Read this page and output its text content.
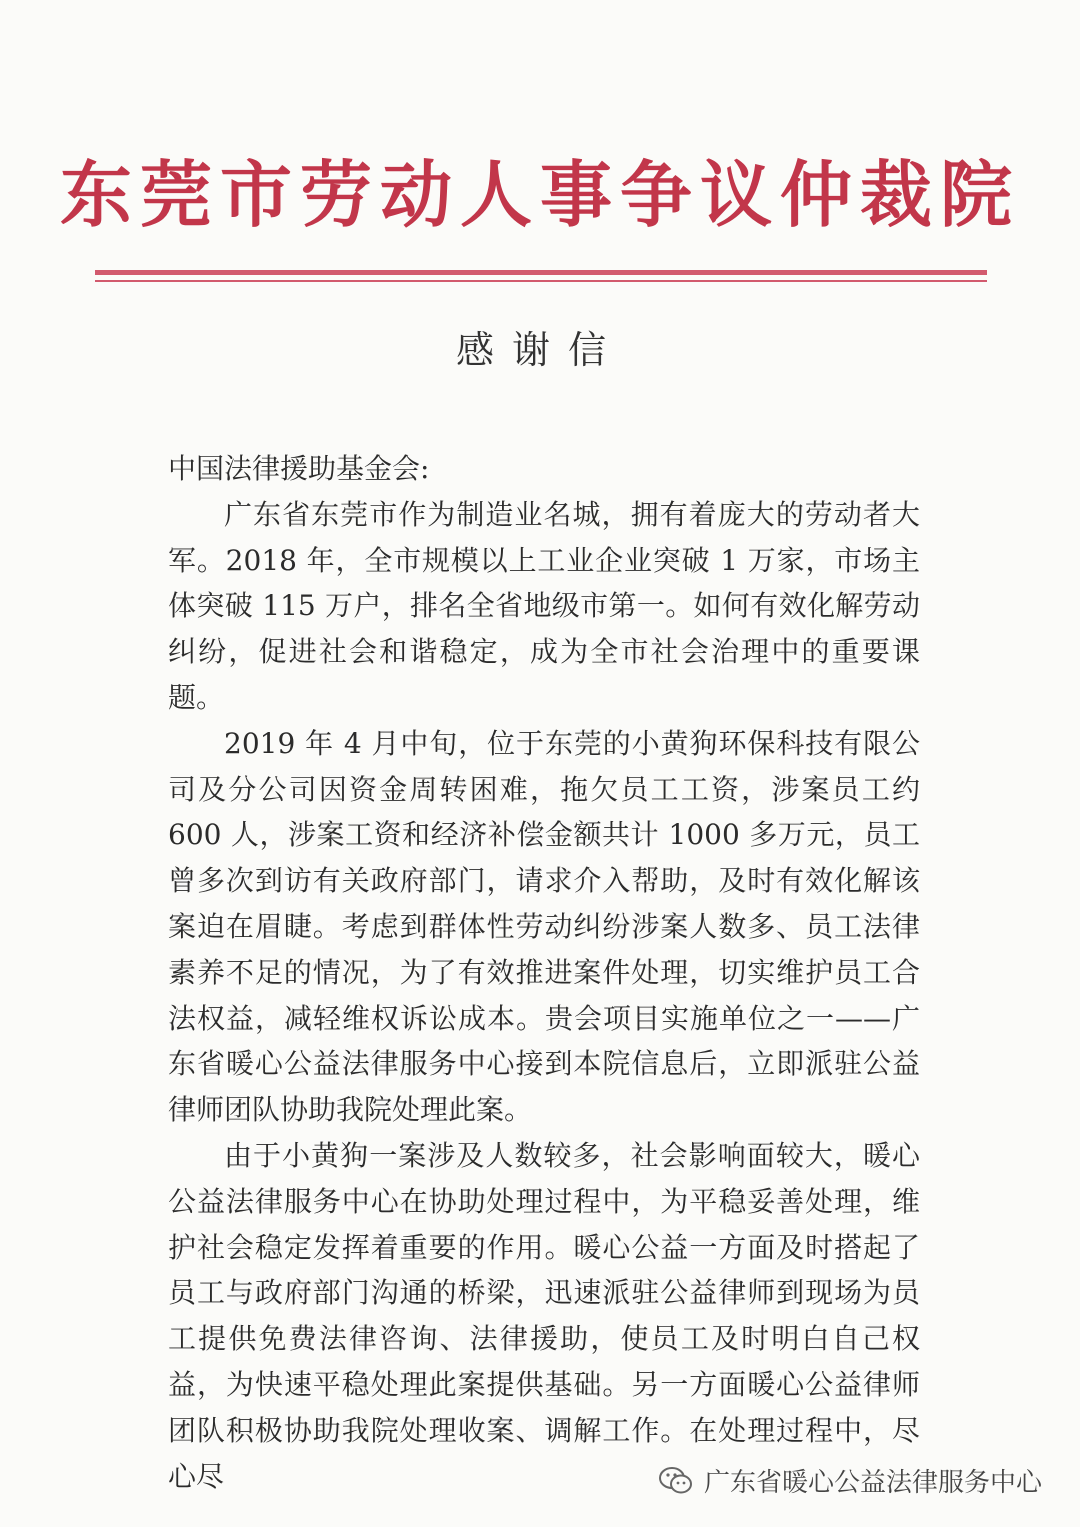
东莞市劳动人事争议仲裁院
感谢信

中国法律援助基金会:

广东省东莞市作为制造业名城，拥有着庞大的劳动者大军。2018 年，全市规模以上工业企业突破 1 万家，市场主体突破 115 万户，排名全省地级市第一。如何有效化解劳动纠纷，促进社会和谐稳定，成为全市社会治理中的重要课题。

2019 年 4 月中旬，位于东莞的小黄狗环保科技有限公司及分公司因资金周转困难，拖欠员工工资，涉案员工约 600 人，涉案工资和经济补偿金额共计 1000 多万元，员工曾多次到访有关政府部门，请求介入帮助，及时有效化解该案迫在眉睫。考虑到群体性劳动纠纷涉案人数多、员工法律素养不足的情况，为了有效推进案件处理，切实维护员工合法权益，减轻维权诉讼成本。贵会项目实施单位之一——广东省暖心公益法律服务中心接到本院信息后，立即派驻公益律师团队协助我院处理此案。

由于小黄狗一案涉及人数较多，社会影响面较大，暖心公益法律服务中心在协助处理过程中，为平稳妥善处理，维护社会稳定发挥着重要的作用。暖心公益一方面及时搭起了员工与政府部门沟通的桥梁，迅速派驻公益律师到现场为员工提供免费法律咨询、法律援助，使员工及时明白自己权益，为快速平稳处理此案提供基础。另一方面暖心公益律师团队积极协助我院处理收案、调解工作。在处理过程中，尽心尽	广东省暖心公益法律服务中心
